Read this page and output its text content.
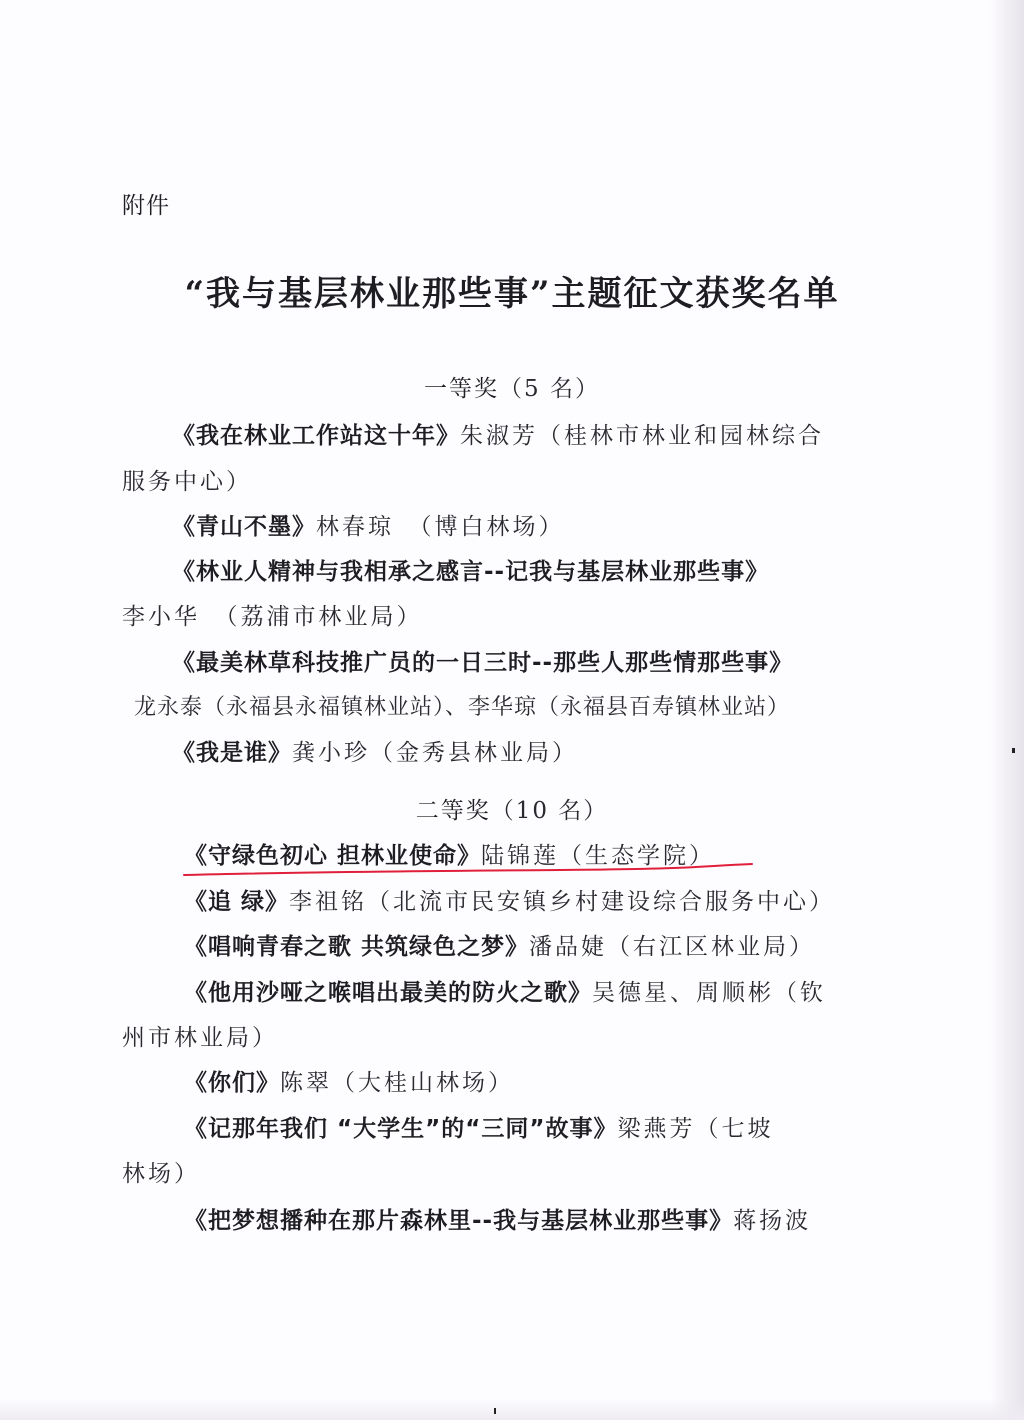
附件
“我与基层林业那些事”主题征文获奖名单
一等奖（5 名）
《我在林业工作站这十年》朱淑芳（桂林市林业和园林综合
服务中心）
《青山不墨》林春琼　（博白林场）
《林业人精神与我相承之感言--记我与基层林业那些事》
李小华　（荔浦市林业局）
《最美林草科技推广员的一日三时--那些人那些情那些事》
龙永泰（永福县永福镇林业站）、李华琼（永福县百寿镇林业站）
《我是谁》龚小珍（金秀县林业局）
二等奖（10 名）
《守绿色初心 担林业使命》陆锦莲（生态学院）
《追 绿》李祖铭（北流市民安镇乡村建设综合服务中心）
《唱响青春之歌 共筑绿色之梦》潘品婕（右江区林业局）
《他用沙哑之喉唱出最美的防火之歌》吴德星、周顺彬（钦
州市林业局）
《你们》陈翠（大桂山林场）
《记那年我们 “大学生”的“三同”故事》梁燕芳（七坡
林场）
《把梦想播种在那片森林里--我与基层林业那些事》蒋扬波
